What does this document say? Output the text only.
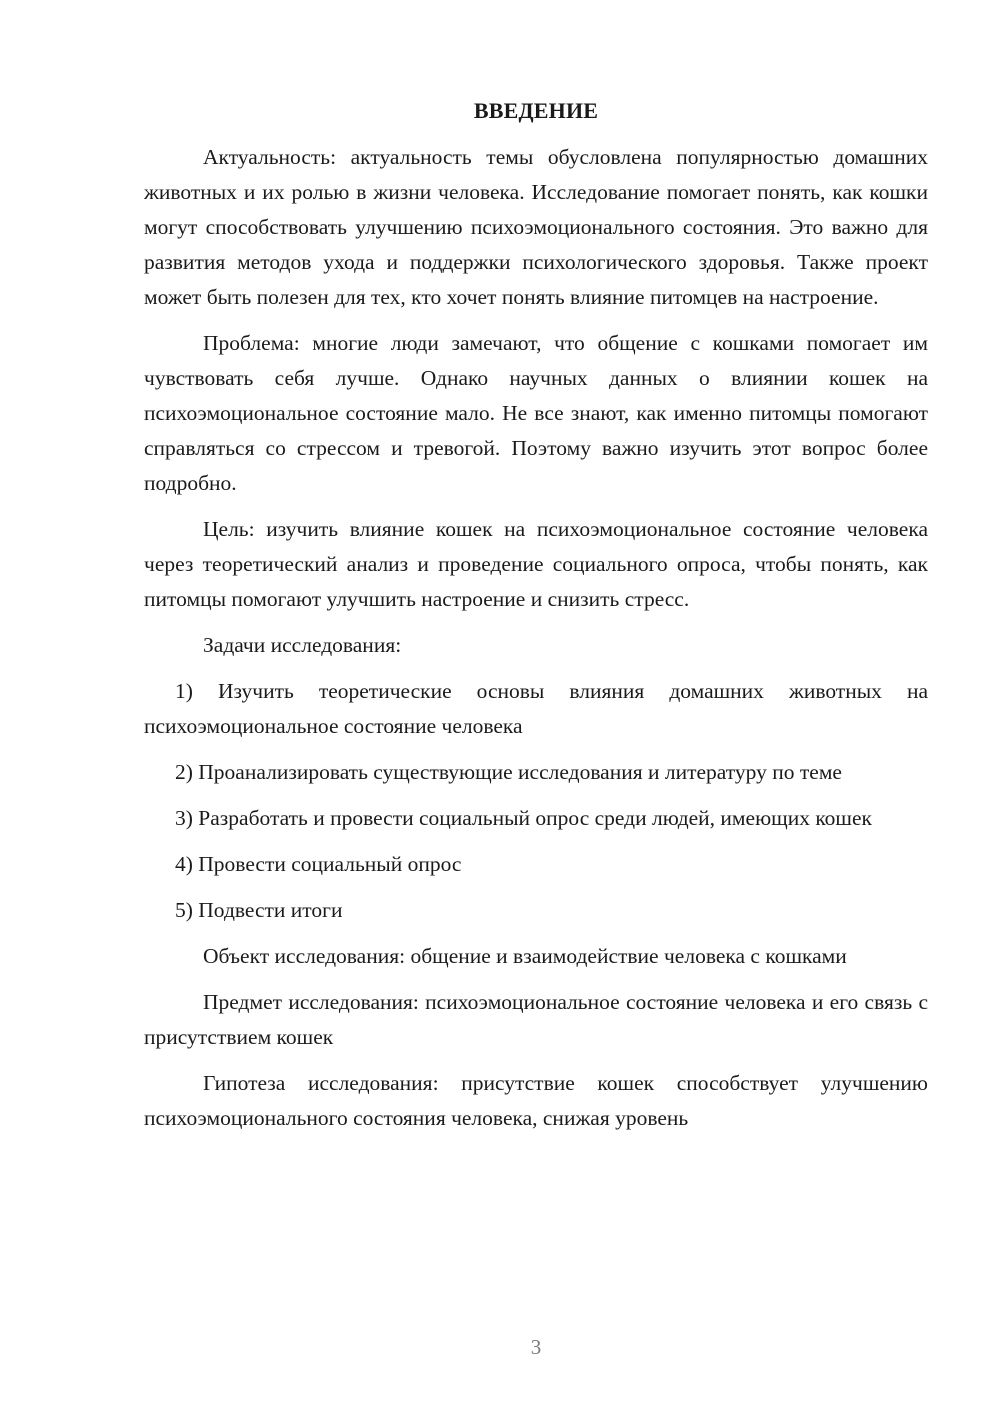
ВВЕДЕНИЕ

Актуальность: актуальность темы обусловлена популярностью домашних животных и их ролью в жизни человека. Исследование помогает понять, как кошки могут способствовать улучшению психоэмоционального состояния. Это важно для развития методов ухода и поддержки психологического здоровья. Также проект может быть полезен для тех, кто хочет понять влияние питомцев на настроение.

Проблема: многие люди замечают, что общение с кошками помогает им чувствовать себя лучше. Однако научных данных о влиянии кошек на психоэмоциональное состояние мало. Не все знают, как именно питомцы помогают справляться со стрессом и тревогой. Поэтому важно изучить этот вопрос более подробно.

Цель: изучить влияние кошек на психоэмоциональное состояние человека через теоретический анализ и проведение социального опроса, чтобы понять, как питомцы помогают улучшить настроение и снизить стресс.

Задачи исследования:

1) Изучить теоретические основы влияния домашних животных на психоэмоциональное состояние человека

2) Проанализировать существующие исследования и литературу по теме

3) Разработать и провести социальный опрос среди людей, имеющих кошек

4) Провести социальный опрос

5) Подвести итоги

Объект исследования: общение и взаимодействие человека с кошками

Предмет исследования: психоэмоциональное состояние человека и его связь с присутствием кошек

Гипотеза исследования: присутствие кошек способствует улучшению психоэмоционального состояния человека, снижая уровень

3
